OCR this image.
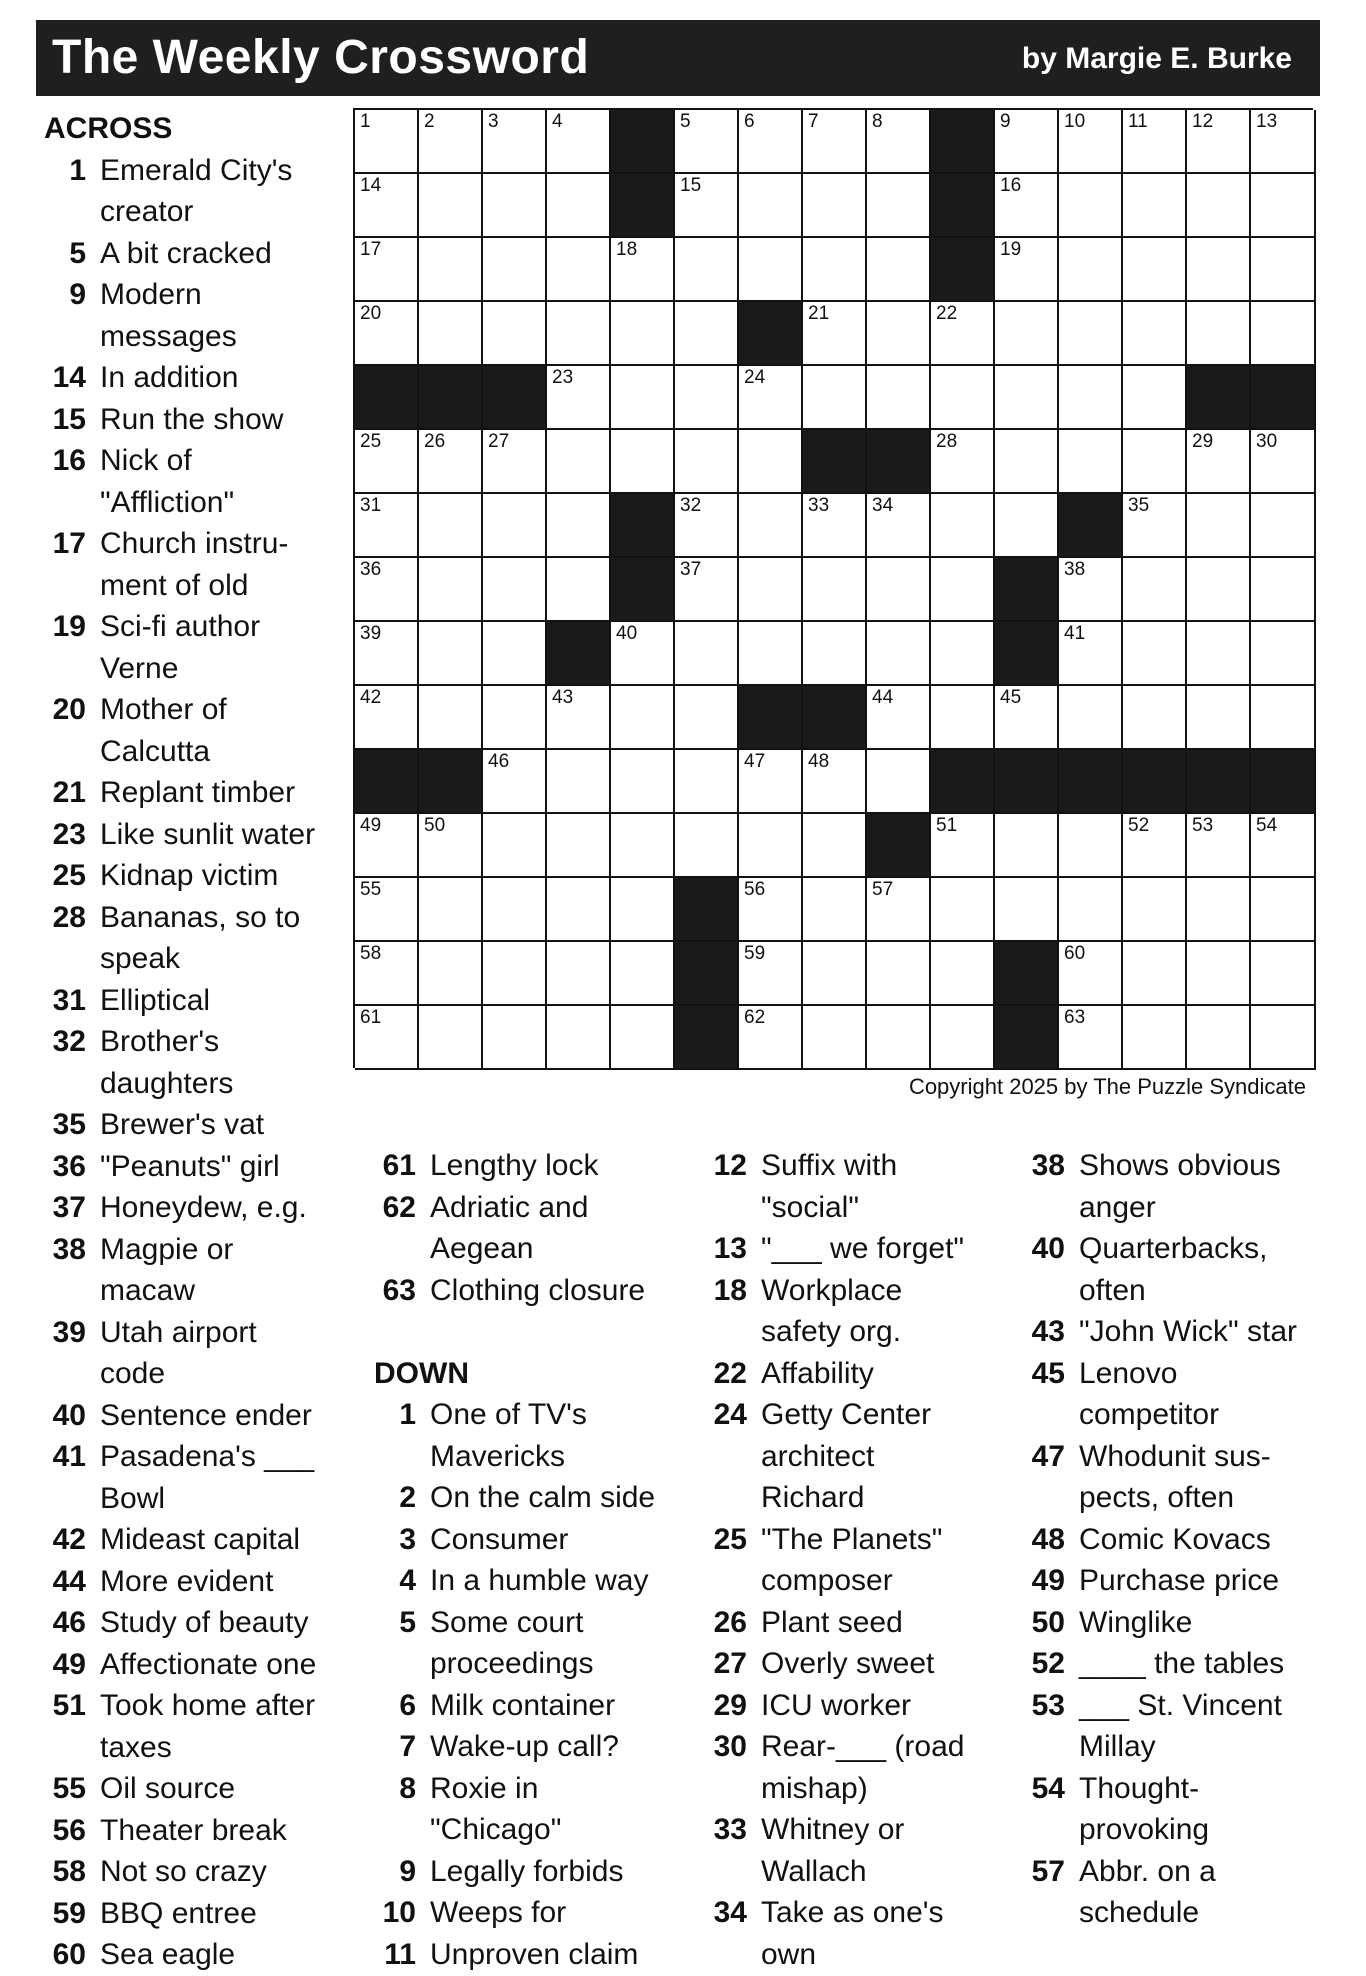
The Weekly Crossword	by Margie E. Burke
1	2	3	4	5	6	7	8	9	10 11 12 13
14	15	16
17	18	19
20	21	22
23	24
25 26 27	28	29 30
31	32	33 34	35
36	37	38
39	40	41
42	43	44	45
46	47 48
49 50	51	52 53 54
55	56	57
58	59	60
61	62	63
Copyright 2025 by The Puzzle Syndicate
ACROSS
1 Emerald City's
creator
5 A bit cracked
9 Modern
messages
14 In addition
15 Run the show
16 Nick of
"Affliction"
17 Church instru-
ment of old
19 Sci-fi author
Verne
20 Mother of
Calcutta
21 Replant timber
23 Like sunlit water
25 Kidnap victim
28 Bananas, so to
speak
31 Elliptical
32 Brother's
daughters
35 Brewer's vat
36 "Peanuts" girl
37 Honeydew, e.g.
38 Magpie or
macaw
39 Utah airport
code
40 Sentence ender
41 Pasadena's ___
Bowl
42 Mideast capital
44 More evident
46 Study of beauty
49 Affectionate one
51 Took home after
taxes
55 Oil source
56 Theater break
58 Not so crazy
59 BBQ entree
60 Sea eagle
61 Lengthy lock
62 Adriatic and
Aegean
63 Clothing closure
DOWN
1 One of TV's
Mavericks
2 On the calm side
3 Consumer
4 In a humble way
5 Some court
proceedings
6 Milk container
7 Wake-up call?
8 Roxie in
"Chicago"
9 Legally forbids
10 Weeps for
11 Unproven claim
12 Suffix with
"social"
13 "___ we forget"
18 Workplace
safety org.
22 Affability
24 Getty Center
architect
Richard
25 "The Planets"
composer
26 Plant seed
27 Overly sweet
29 ICU worker
30 Rear-___ (road
mishap)
33 Whitney or
Wallach
34 Take as one's
own
38 Shows obvious
anger
40 Quarterbacks,
often
43 "John Wick" star
45 Lenovo
competitor
47 Whodunit sus-
pects, often
48 Comic Kovacs
49 Purchase price
50 Winglike
52 ____ the tables
53 ___ St. Vincent
Millay
54 Thought-
provoking
57 Abbr. on a
schedule
